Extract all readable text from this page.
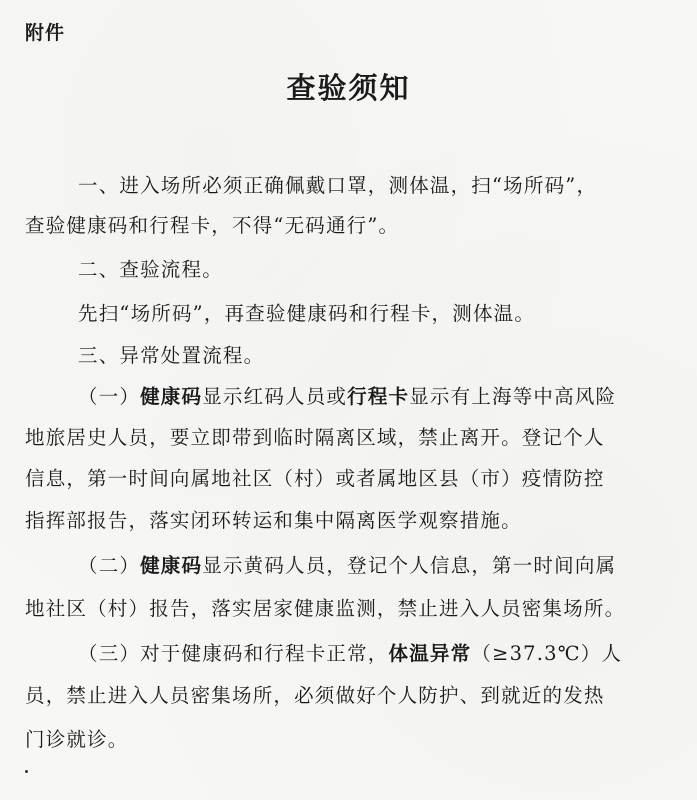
附件
查验须知
一、进入场所必须正确佩戴口罩，测体温，扫“场所码”，
查验健康码和行程卡，不得“无码通行”。
二、查验流程。
先扫“场所码”，再查验健康码和行程卡，测体温。
三、异常处置流程。
（一）健康码显示红码人员或行程卡显示有上海等中高风险
地旅居史人员，要立即带到临时隔离区域，禁止离开。登记个人
信息，第一时间向属地社区（村）或者属地区县（市）疫情防控
指挥部报告，落实闭环转运和集中隔离医学观察措施。
（二）健康码显示黄码人员，登记个人信息，第一时间向属
地社区（村）报告，落实居家健康监测，禁止进入人员密集场所。
（三）对于健康码和行程卡正常，体温异常（≥37.3℃）人
员，禁止进入人员密集场所，必须做好个人防护、到就近的发热
门诊就诊。
